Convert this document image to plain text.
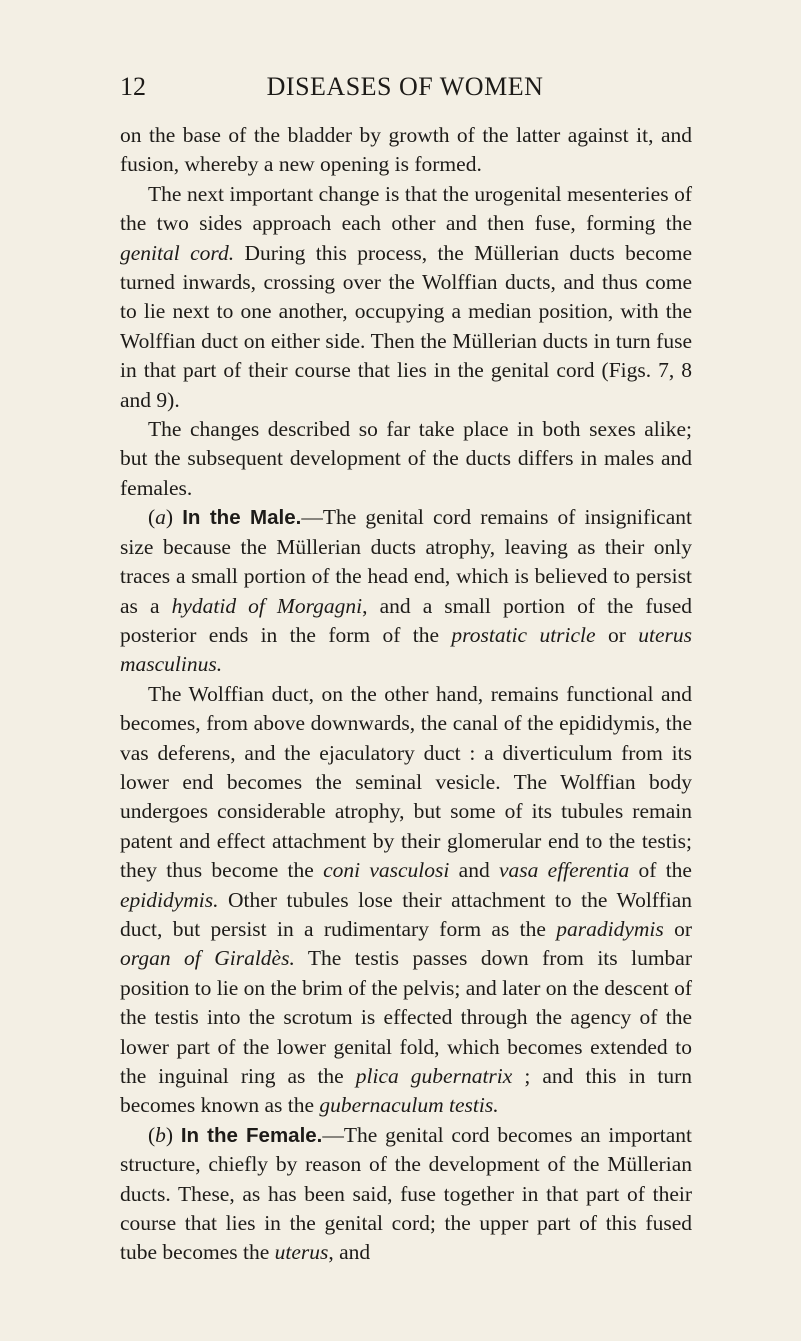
12	DISEASES OF WOMEN

on the base of the bladder by growth of the latter against it, and fusion, whereby a new opening is formed.

The next important change is that the urogenital mesenteries of the two sides approach each other and then fuse, forming the genital cord. During this process, the Müllerian ducts become turned inwards, crossing over the Wolffian ducts, and thus come to lie next to one another, occupying a median position, with the Wolffian duct on either side. Then the Müllerian ducts in turn fuse in that part of their course that lies in the genital cord (Figs. 7, 8 and 9).

The changes described so far take place in both sexes alike; but the subsequent development of the ducts differs in males and females.

(a) In the Male.—The genital cord remains of insignificant size because the Müllerian ducts atrophy, leaving as their only traces a small portion of the head end, which is believed to persist as a hydatid of Morgagni, and a small portion of the fused posterior ends in the form of the prostatic utricle or uterus masculinus.

The Wolffian duct, on the other hand, remains functional and becomes, from above downwards, the canal of the epididymis, the vas deferens, and the ejaculatory duct : a diverticulum from its lower end becomes the seminal vesicle. The Wolffian body undergoes considerable atrophy, but some of its tubules remain patent and effect attachment by their glomerular end to the testis; they thus become the coni vasculosi and vasa efferentia of the epididymis. Other tubules lose their attachment to the Wolffian duct, but persist in a rudimentary form as the paradidymis or organ of Giraldès. The testis passes down from its lumbar position to lie on the brim of the pelvis; and later on the descent of the testis into the scrotum is effected through the agency of the lower part of the lower genital fold, which becomes extended to the inguinal ring as the plica gubernatrix ; and this in turn becomes known as the gubernaculum testis.

(b) In the Female.—The genital cord becomes an important structure, chiefly by reason of the development of the Müllerian ducts. These, as has been said, fuse together in that part of their course that lies in the genital cord; the upper part of this fused tube becomes the uterus, and
